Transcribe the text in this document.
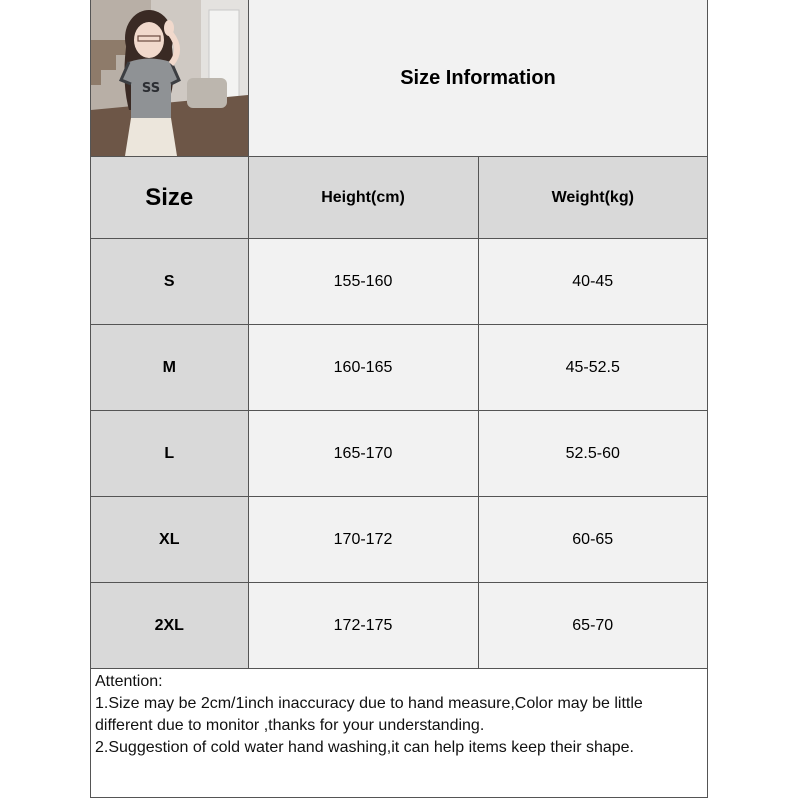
SS	Size Information
Size	Height(cm)	Weight(kg)
S	155-160	40-45
M	160-165	45-52.5
L	165-170	52.5-60
XL	170-172	60-65
2XL	172-175	65-70

Attention:

1.Size may be 2cm/1inch inaccuracy due to hand measure,Color may be little different due to monitor ,thanks for your understanding.

2.Suggestion of cold water hand washing,it can help items keep their shape.
